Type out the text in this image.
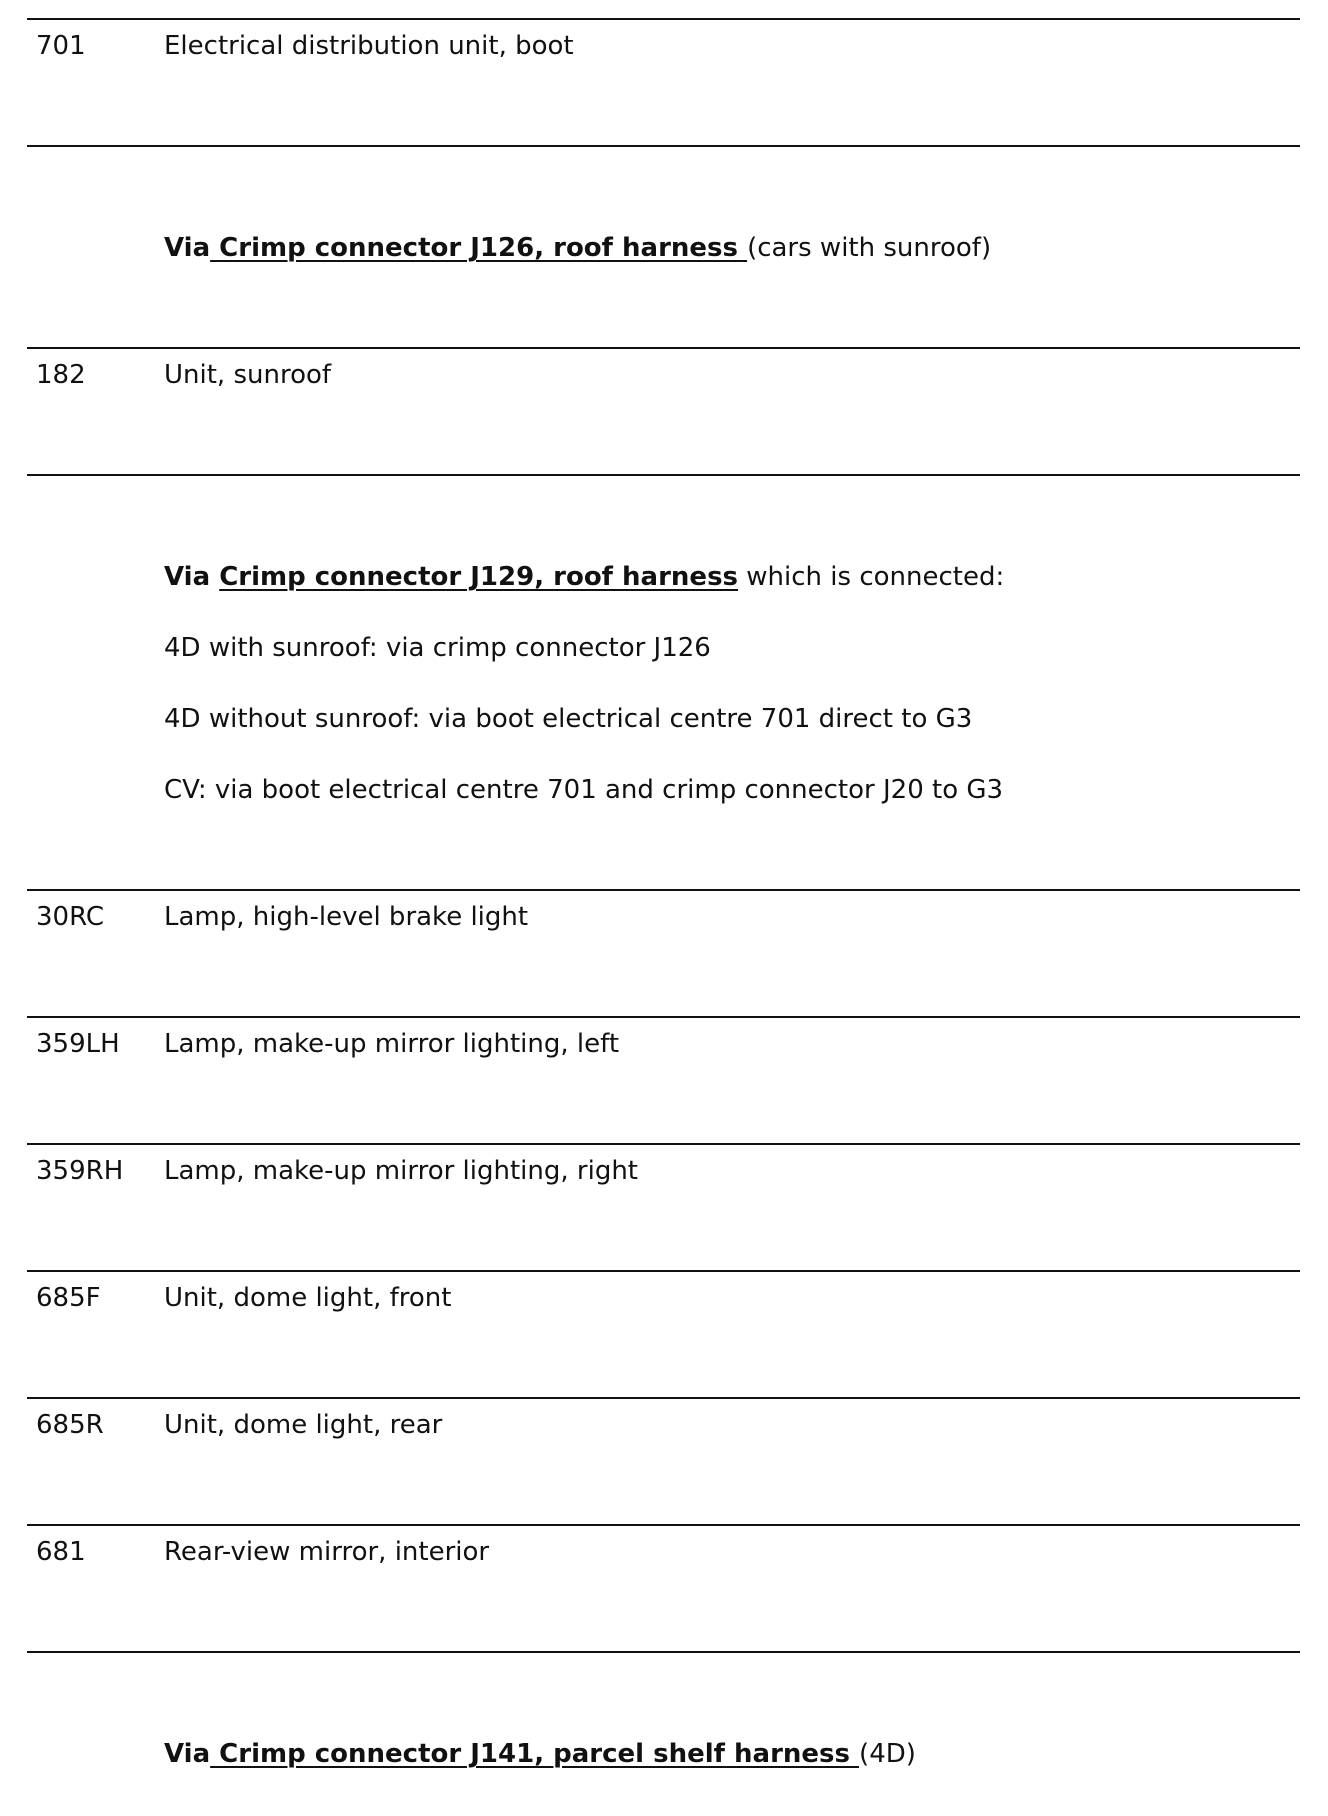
701	Electrical distribution unit, boot
Via Crimp connector J126, roof harness (cars with sunroof)
182	Unit, sunroof
Via Crimp connector J129, roof harness which is connected:
4D with sunroof: via crimp connector J126
4D without sunroof: via boot electrical centre 701 direct to G3
CV: via boot electrical centre 701 and crimp connector J20 to G3
30RC Lamp, high-level brake light
359LH Lamp, make-up mirror lighting, left
359RH Lamp, make-up mirror lighting, right
685F Unit, dome light, front
685R Unit, dome light, rear
681	Rear-view mirror, interior
Via Crimp connector J141, parcel shelf harness (4D)
